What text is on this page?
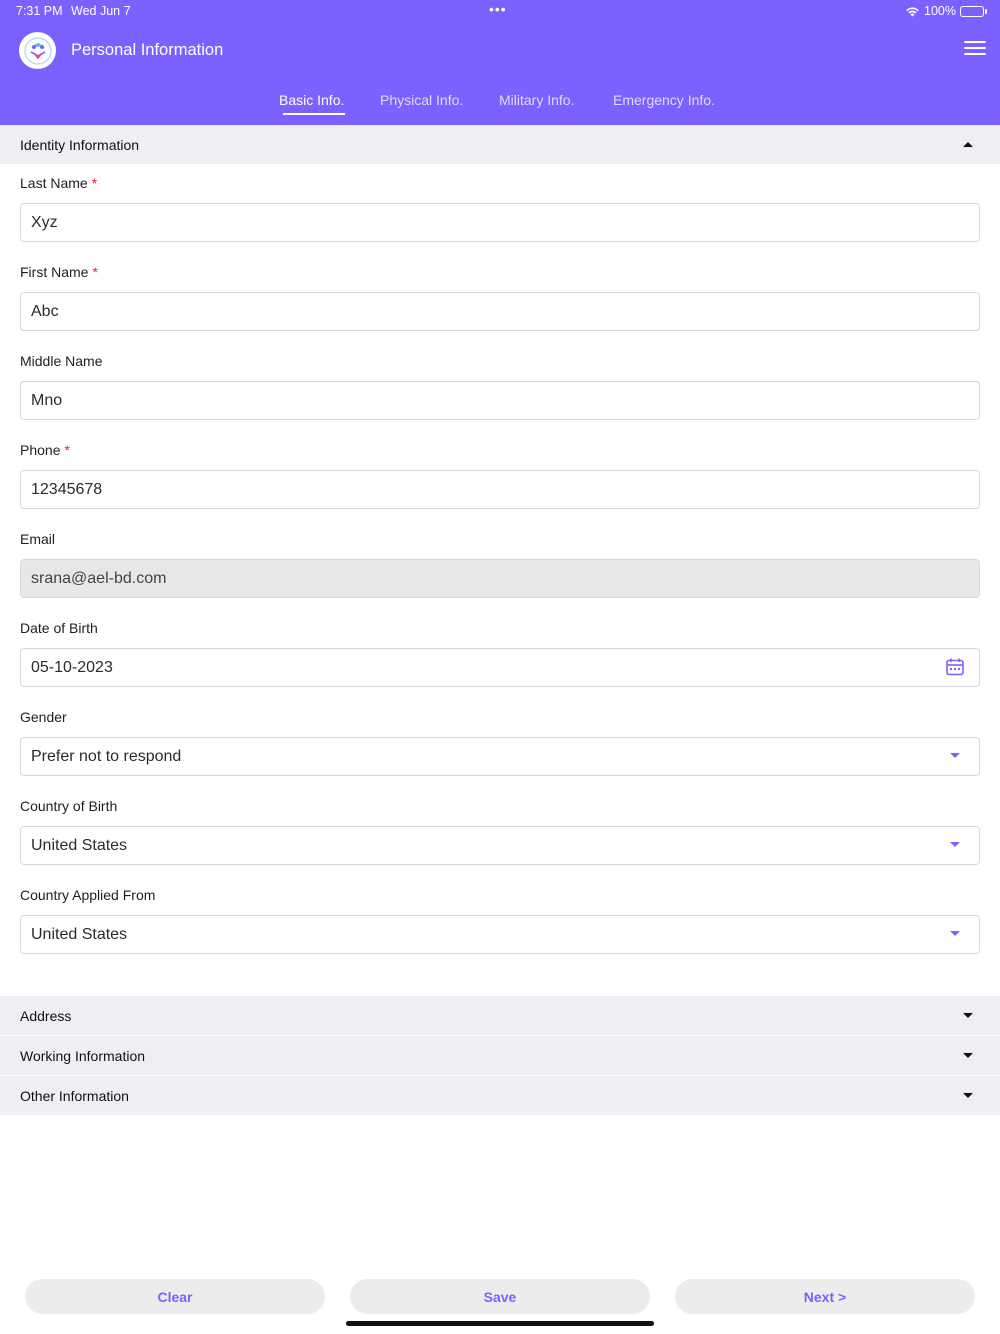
7:31 PM Wed Jun 7	•••	100%
Personal Information
Basic Info.	Physical Info.	Military Info.	Emergency Info.
Identity Information
Last Name *
Xyz
First Name *
Abc
Middle Name
Mno
Phone *
12345678
Email
srana@ael-bd.com
Date of Birth
05-10-2023
Gender
Prefer not to respond
Country of Birth
United States
Country Applied From
United States
Address
Working Information
Other Information
Clear	Save	Next >
